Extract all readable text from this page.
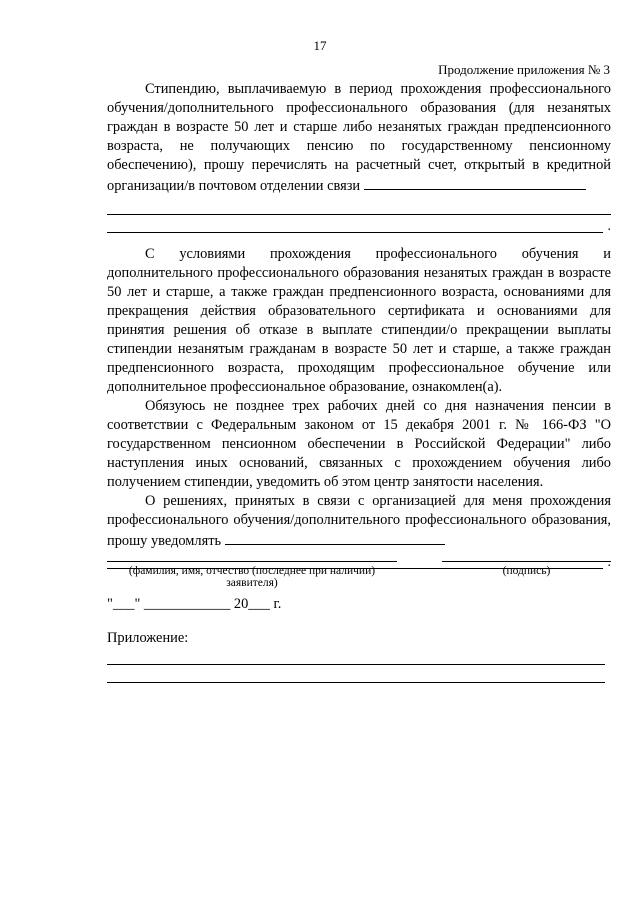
17
Продолжение приложения № 3

Стипендию, выплачиваемую в период прохождения профессионального обучения/дополнительного профессионального образования (для незанятых граждан в возрасте 50 лет и старше либо незанятых граждан предпенсионного возраста, не получающих пенсию по государственному пенсионному обеспечению), прошу перечислять на расчетный счет, открытый в кредитной организации/в почтовом отделении связи

.

С условиями прохождения профессионального обучения и дополнительного профессионального образования незанятых граждан в возрасте 50 лет и старше, а также граждан предпенсионного возраста, основаниями для прекращения действия образовательного сертификата и основаниями для принятия решения об отказе в выплате стипендии/о прекращении выплаты стипендии незанятым гражданам в возрасте 50 лет и старше, а также граждан предпенсионного возраста, проходящим профессиональное обучение или дополнительное профессиональное образование, ознакомлен(а).

Обязуюсь не позднее трех рабочих дней со дня назначения пенсии в соответствии с Федеральным законом от 15 декабря 2001 г. № 166-ФЗ "О государственном пенсионном обеспечении в Российской Федерации" либо наступления иных оснований, связанных с прохождением обучения либо получением стипендии, уведомить об этом центр занятости населения.

О решениях, принятых в связи с организацией для меня прохождения профессионального обучения/дополнительного профессионального образования, прошу уведомлять

.
(фамилия, имя, отчество (последнее при наличии) заявителя)
(подпись)
"___" ____________ 20___ г.
Приложение:
